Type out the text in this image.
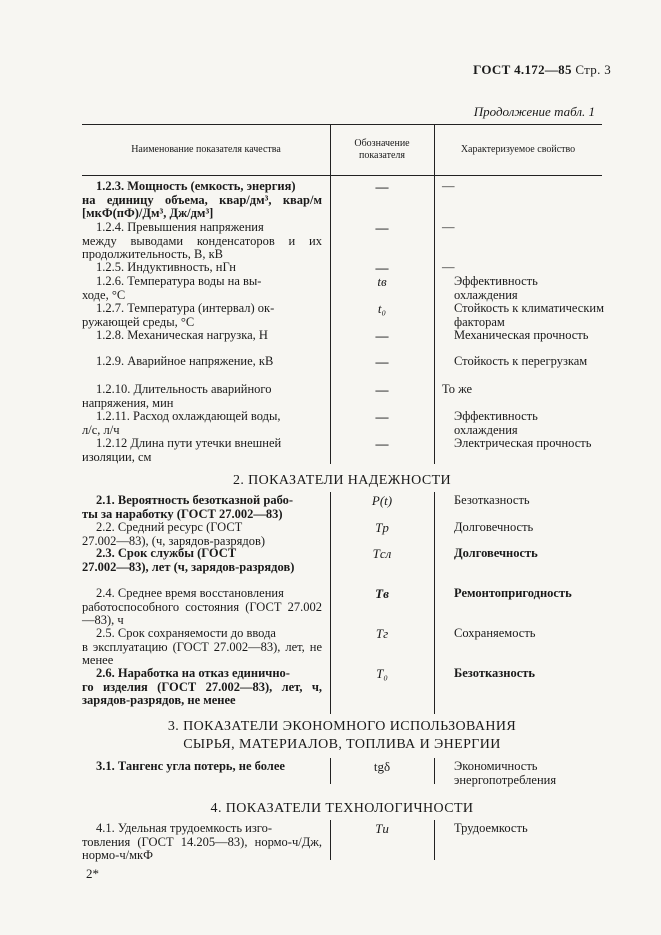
ГОСТ 4.172—85 Стр. 3
Продолжение табл. 1
Наименование показателя качества
Обозначение показателя
Характеризуемое свойство
1.2.3. Мощность (емкость, энергия)
на единицу объема, квар/дм³, квар/м [мкФ(пФ)/Дм³, Дж/дм³]
—	—
1.2.4. Превышения напряжения
между выводами конденсаторов и их продолжительность, В, кВ
—	—
1.2.5. Индуктивность, нГн	—	—
1.2.6. Температура воды на вы-
ходе, °С
tв	Эффективность охлаждения
1.2.7. Температура (интервал) ок-
ружающей среды, °С
t₀	Стойкость к климатическим факторам
1.2.8. Механическая нагрузка, Н	—	Механическая прочность
1.2.9. Аварийное напряжение, кВ	—	Стойкость к перегрузкам
1.2.10. Длительность аварийного
напряжения, мин
—	То же
1.2.11. Расход охлаждающей воды,
л/с, л/ч
—	Эффективность охлаждения
1.2.12 Длина пути утечки внешней
изоляции, см
—	Электрическая прочность
2. ПОКАЗАТЕЛИ НАДЕЖНОСТИ
2.1. Вероятность безотказной рабо-
ты за наработку (ГОСТ 27.002—83)
P(t)	Безотказность
2.2. Средний ресурс (ГОСТ
27.002—83), (ч, зарядов-разрядов)
Tр	Долговечность
2.3. Срок службы (ГОСТ
27.002—83), лет (ч, зарядов-разрядов)
Tсл	Долговечность
2.4. Среднее время восстановления
работоспособного состояния (ГОСТ 27.002—83), ч
Tв	Ремонтопригодность
2.5. Срок сохраняемости до ввода
в эксплуатацию (ГОСТ 27.002—83), лет, не менее
Tг	Сохраняемость
2.6. Наработка на отказ единично-
го изделия (ГОСТ 27.002—83), лет, ч, зарядов-разрядов, не менее
T₀	Безотказность
3. ПОКАЗАТЕЛИ ЭКОНОМНОГО ИСПОЛЬЗОВАНИЯ
СЫРЬЯ, МАТЕРИАЛОВ, ТОПЛИВА И ЭНЕРГИИ
3.1. Тангенс угла потерь, не более	tgδ	Экономичность энергопотребления
4. ПОКАЗАТЕЛИ ТЕХНОЛОГИЧНОСТИ
4.1. Удельная трудоемкость изго-
товления (ГОСТ 14.205—83), нормо-ч/Дж, нормо-ч/мкФ
Tи	Трудоемкость
2*
